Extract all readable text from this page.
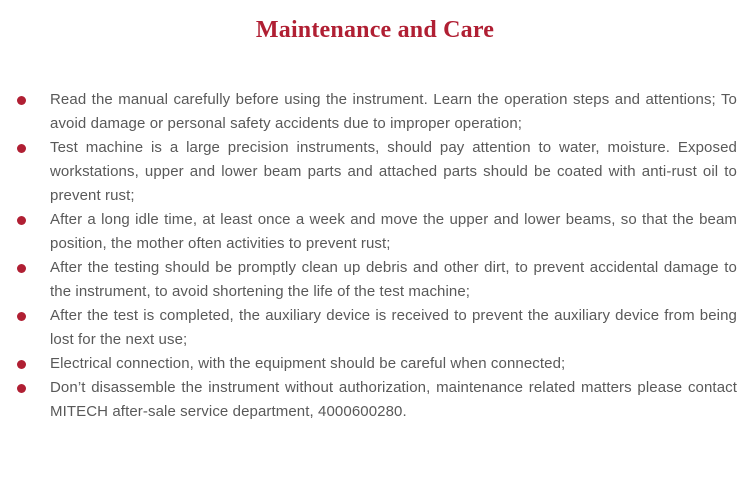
Maintenance and Care
Read the manual carefully before using the instrument. Learn the operation steps and attentions; To avoid damage or personal safety accidents due to improper operation;
Test machine is a large precision instruments, should pay attention to water, moisture. Exposed workstations, upper and lower beam parts and attached parts should be coated with anti-rust oil to prevent rust;
After a long idle time, at least once a week and move the upper and lower beams, so that the beam position, the mother often activities to prevent rust;
After the testing should be promptly clean up debris and other dirt, to prevent accidental damage to the instrument, to avoid shortening the life of the test machine;
After the test is completed, the auxiliary device is received to prevent the auxiliary device from being lost for the next use;
Electrical connection, with the equipment should be careful when connected;
Don’t disassemble the instrument without authorization, maintenance related matters please contact MITECH after-sale service department, 4000600280.
